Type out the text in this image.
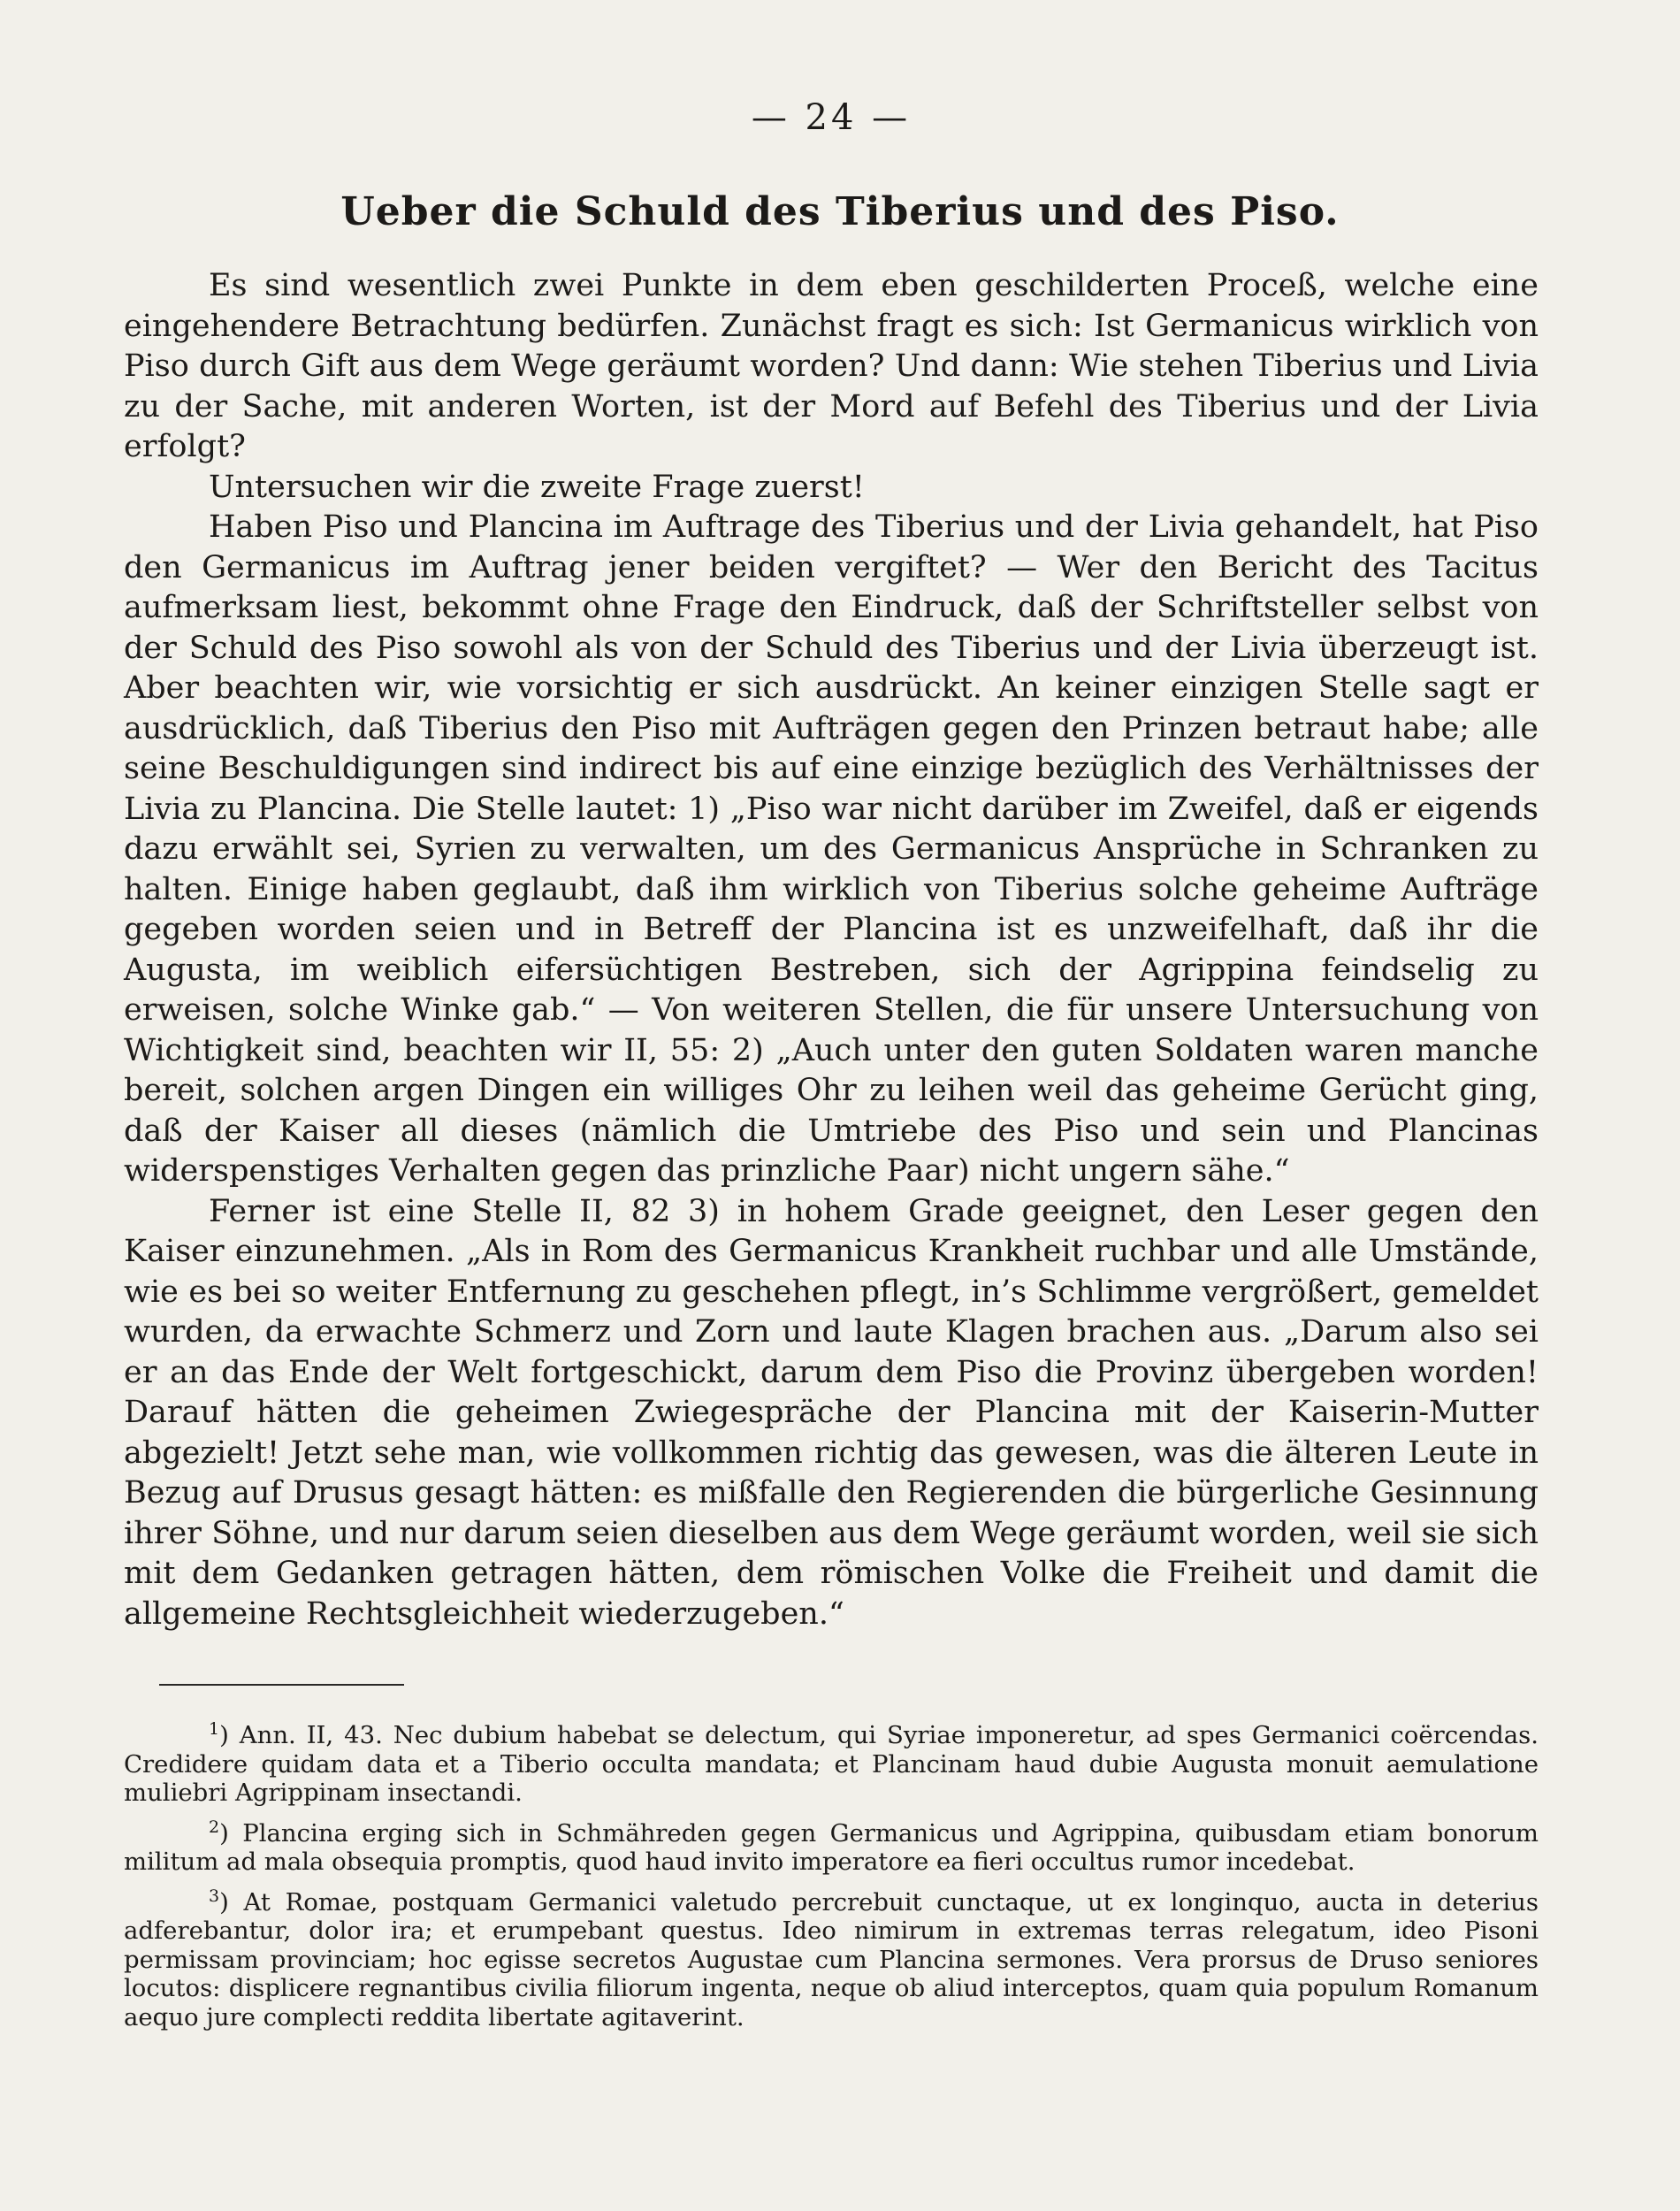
— 24 —
Ueber die Schuld des Tiberius und des Piso.

Es sind wesentlich zwei Punkte in dem eben geschilderten Proceß, welche eine eingehendere Betrachtung bedürfen. Zunächst fragt es sich: Ist Germanicus wirklich von Piso durch Gift aus dem Wege geräumt worden? Und dann: Wie stehen Tiberius und Livia zu der Sache, mit anderen Worten, ist der Mord auf Befehl des Tiberius und der Livia erfolgt?

Untersuchen wir die zweite Frage zuerst!

Haben Piso und Plancina im Auftrage des Tiberius und der Livia gehandelt, hat Piso den Germanicus im Auftrag jener beiden vergiftet? — Wer den Bericht des Tacitus aufmerksam liest, bekommt ohne Frage den Eindruck, daß der Schriftsteller selbst von der Schuld des Piso sowohl als von der Schuld des Tiberius und der Livia überzeugt ist. Aber beachten wir, wie vorsichtig er sich ausdrückt. An keiner einzigen Stelle sagt er ausdrücklich, daß Tiberius den Piso mit Aufträgen gegen den Prinzen betraut habe; alle seine Beschuldigungen sind indirect bis auf eine einzige bezüglich des Verhältnisses der Livia zu Plancina. Die Stelle lautet: 1) „Piso war nicht darüber im Zweifel, daß er eigends dazu erwählt sei, Syrien zu verwalten, um des Germanicus Ansprüche in Schranken zu halten. Einige haben geglaubt, daß ihm wirklich von Tiberius solche geheime Aufträge gegeben worden seien und in Betreff der Plancina ist es unzweifelhaft, daß ihr die Augusta, im weiblich eifersüchtigen Bestreben, sich der Agrippina feindselig zu erweisen, solche Winke gab.“ — Von weiteren Stellen, die für unsere Untersuchung von Wichtigkeit sind, beachten wir II, 55: 2) „Auch unter den guten Soldaten waren manche bereit, solchen argen Dingen ein williges Ohr zu leihen weil das geheime Gerücht ging, daß der Kaiser all dieses (nämlich die Umtriebe des Piso und sein und Plancinas widerspenstiges Verhalten gegen das prinzliche Paar) nicht ungern sähe.“

Ferner ist eine Stelle II, 82 3) in hohem Grade geeignet, den Leser gegen den Kaiser einzunehmen. „Als in Rom des Germanicus Krankheit ruchbar und alle Umstände, wie es bei so weiter Entfernung zu geschehen pflegt, in’s Schlimme vergrößert, gemeldet wurden, da erwachte Schmerz und Zorn und laute Klagen brachen aus. „Darum also sei er an das Ende der Welt fortgeschickt, darum dem Piso die Provinz übergeben worden! Darauf hätten die geheimen Zwiegespräche der Plancina mit der Kaiserin-Mutter abgezielt! Jetzt sehe man, wie vollkommen richtig das gewesen, was die älteren Leute in Bezug auf Drusus gesagt hätten: es mißfalle den Regierenden die bürgerliche Gesinnung ihrer Söhne, und nur darum seien dieselben aus dem Wege geräumt worden, weil sie sich mit dem Gedanken getragen hätten, dem römischen Volke die Freiheit und damit die allgemeine Rechtsgleichheit wiederzugeben.“

$^1$) Ann. II, 43. Nec dubium habebat se delectum, qui Syriae imponeretur, ad spes Germanici coërcendas. Credidere quidam data et a Tiberio occulta mandata; et Plancinam haud dubie Augusta monuit aemulatione muliebri Agrippinam insectandi.

$^2$) Plancina erging sich in Schmähreden gegen Germanicus und Agrippina, quibusdam etiam bonorum militum ad mala obsequia promptis, quod haud invito imperatore ea fieri occultus rumor incedebat.

$^3$) At Romae, postquam Germanici valetudo percrebuit cunctaque, ut ex longinquo, aucta in deterius adferebantur, dolor ira; et erumpebant questus. Ideo nimirum in extremas terras relegatum, ideo Pisoni permissam provinciam; hoc egisse secretos Augustae cum Plancina sermones. Vera prorsus de Druso seniores locutos: displicere regnantibus civilia filiorum ingenta, neque ob aliud interceptos, quam quia populum Romanum aequo jure complecti reddita libertate agitaverint.
